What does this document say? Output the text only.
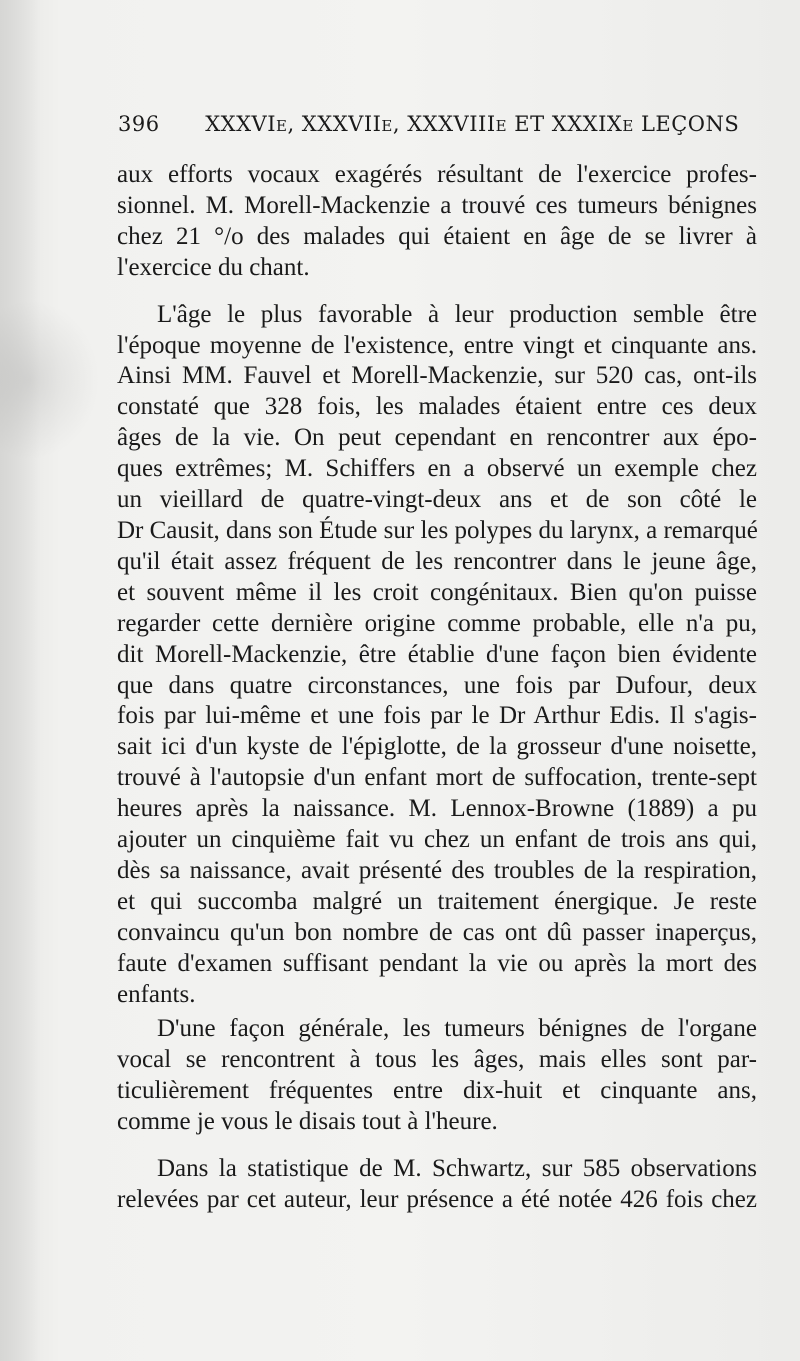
396 XXXVIe, XXXVIIe, XXXVIIIe ET XXXIXe LEÇONS
aux efforts vocaux exagérés résultant de l'exercice profes-
sionnel. M. Morell-Mackenzie a trouvé ces tumeurs bénignes
chez 21 °/o des malades qui étaient en âge de se livrer à
l'exercice du chant.
L'âge le plus favorable à leur production semble être
l'époque moyenne de l'existence, entre vingt et cinquante ans.
Ainsi MM. Fauvel et Morell-Mackenzie, sur 520 cas, ont-ils
constaté que 328 fois, les malades étaient entre ces deux
âges de la vie. On peut cependant en rencontrer aux épo-
ques extrêmes; M. Schiffers en a observé un exemple chez
un vieillard de quatre-vingt-deux ans et de son côté le
Dr Causit, dans son Étude sur les polypes du larynx, a remarqué
qu'il était assez fréquent de les rencontrer dans le jeune âge,
et souvent même il les croit congénitaux. Bien qu'on puisse
regarder cette dernière origine comme probable, elle n'a pu,
dit Morell-Mackenzie, être établie d'une façon bien évidente
que dans quatre circonstances, une fois par Dufour, deux
fois par lui-même et une fois par le Dr Arthur Edis. Il s'agis-
sait ici d'un kyste de l'épiglotte, de la grosseur d'une noisette,
trouvé à l'autopsie d'un enfant mort de suffocation, trente-sept
heures après la naissance. M. Lennox-Browne (1889) a pu
ajouter un cinquième fait vu chez un enfant de trois ans qui,
dès sa naissance, avait présenté des troubles de la respiration,
et qui succomba malgré un traitement énergique. Je reste
convaincu qu'un bon nombre de cas ont dû passer inaperçus,
faute d'examen suffisant pendant la vie ou après la mort des
enfants.
D'une façon générale, les tumeurs bénignes de l'organe
vocal se rencontrent à tous les âges, mais elles sont par-
ticulièrement fréquentes entre dix-huit et cinquante ans,
comme je vous le disais tout à l'heure.
Dans la statistique de M. Schwartz, sur 585 observations
relevées par cet auteur, leur présence a été notée 426 fois chez
